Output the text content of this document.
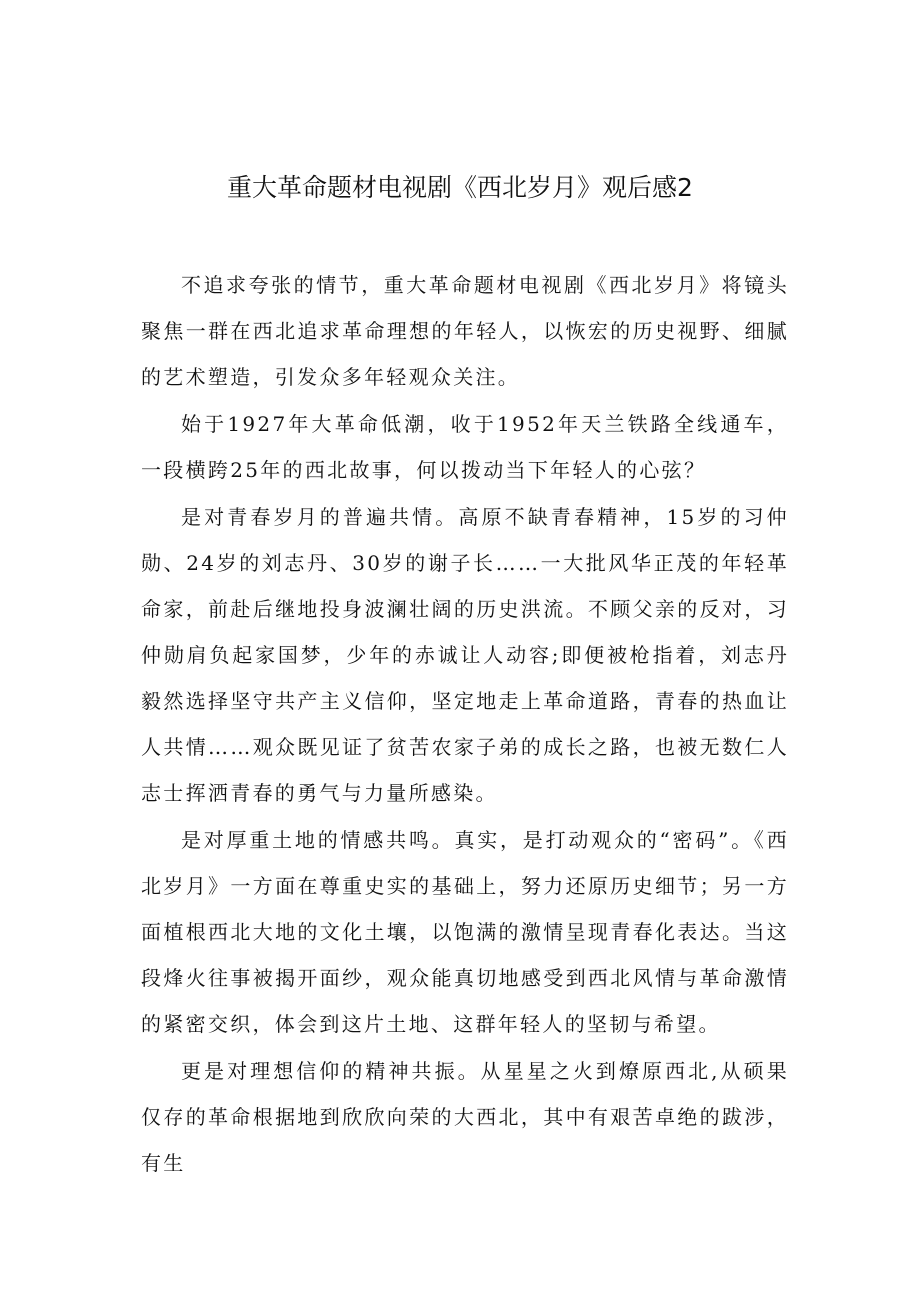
重大革命题材电视剧《西北岁月》观后感2

不追求夸张的情节，重大革命题材电视剧《西北岁月》将镜头聚焦一群在西北追求革命理想的年轻人，以恢宏的历史视野、细腻的艺术塑造，引发众多年轻观众关注。

始于1927年大革命低潮，收于1952年天兰铁路全线通车，一段横跨25年的西北故事，何以拨动当下年轻人的心弦？

是对青春岁月的普遍共情。高原不缺青春精神，15岁的习仲勋、24岁的刘志丹、30岁的谢子长……一大批风华正茂的年轻革命家，前赴后继地投身波澜壮阔的历史洪流。不顾父亲的反对，习仲勋肩负起家国梦，少年的赤诚让人动容;即便被枪指着，刘志丹毅然选择坚守共产主义信仰，坚定地走上革命道路，青春的热血让人共情……观众既见证了贫苦农家子弟的成长之路，也被无数仁人志士挥洒青春的勇气与力量所感染。

是对厚重土地的情感共鸣。真实，是打动观众的“密码”。《西北岁月》一方面在尊重史实的基础上，努力还原历史细节；另一方面植根西北大地的文化土壤，以饱满的激情呈现青春化表达。当这段烽火往事被揭开面纱，观众能真切地感受到西北风情与革命激情的紧密交织，体会到这片土地、这群年轻人的坚韧与希望。

更是对理想信仰的精神共振。从星星之火到燎原西北,从硕果仅存的革命根据地到欣欣向荣的大西北，其中有艰苦卓绝的跋涉，有生
